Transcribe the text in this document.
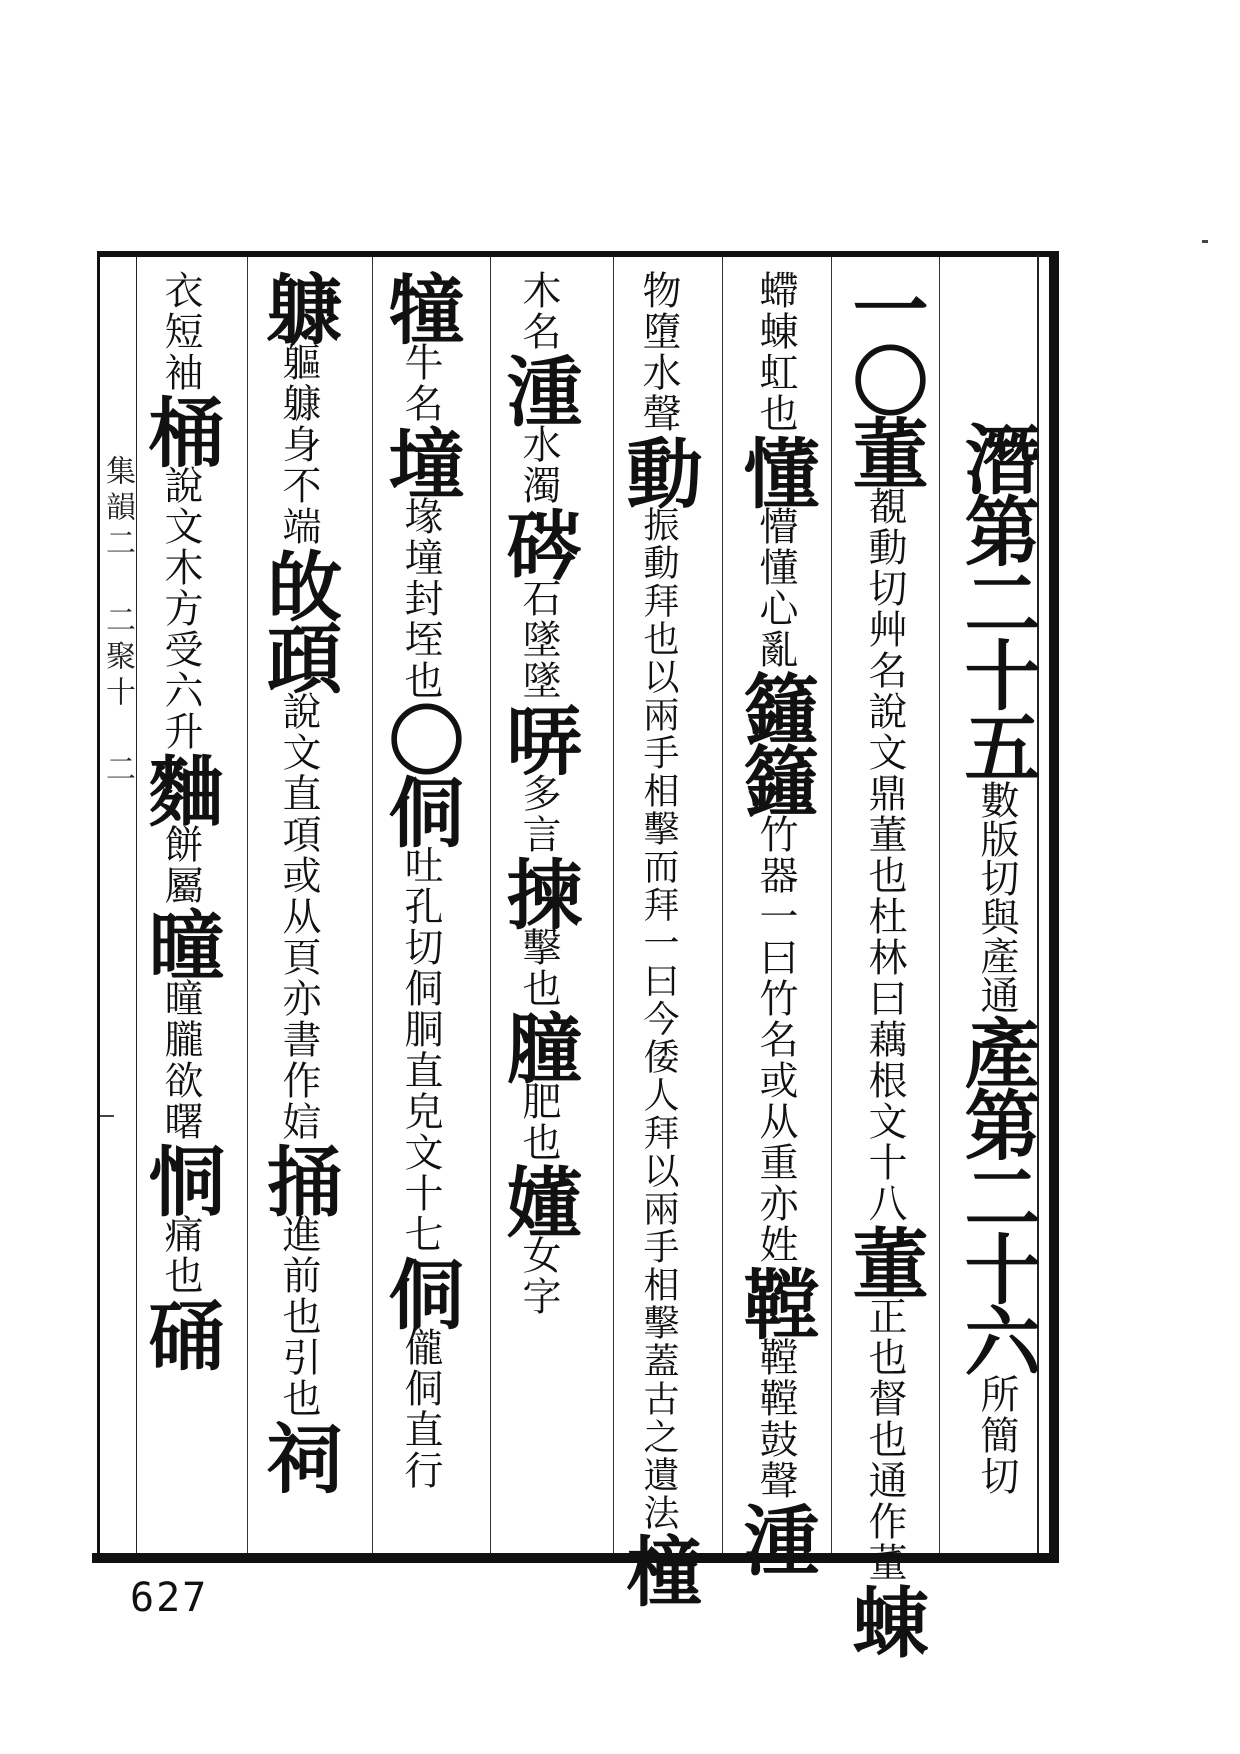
潛第二十五數版切與產通產第二十六所簡切
一〇董覩動切艸名說文鼎董也杜林曰藕根文十八董正也督也通作董蝀
螮蝀虹也懂懵懂心亂籦籦竹器一曰竹名或从重亦姓鞺鞺鞺鼓聲湩
物墮水聲動振動拜也以兩手相擊而拜一曰今倭人拜以兩手相擊蓋古之遺法橦
木名湩水濁硶石墜墜哢多言揀擊也膧肥也嬞女字
犝牛名墥堟墥封垤也〇侗吐孔切侗胴直皃文十七侗儱侗直行
躿軀躿身不端敀頙說文直項或从頁亦書作娮捅進前也引也祠
衣短袖桶說文木方受六升麯餅屬曈曈朧欲曙恫痛也硧
集韻二 二聚十 二
627
